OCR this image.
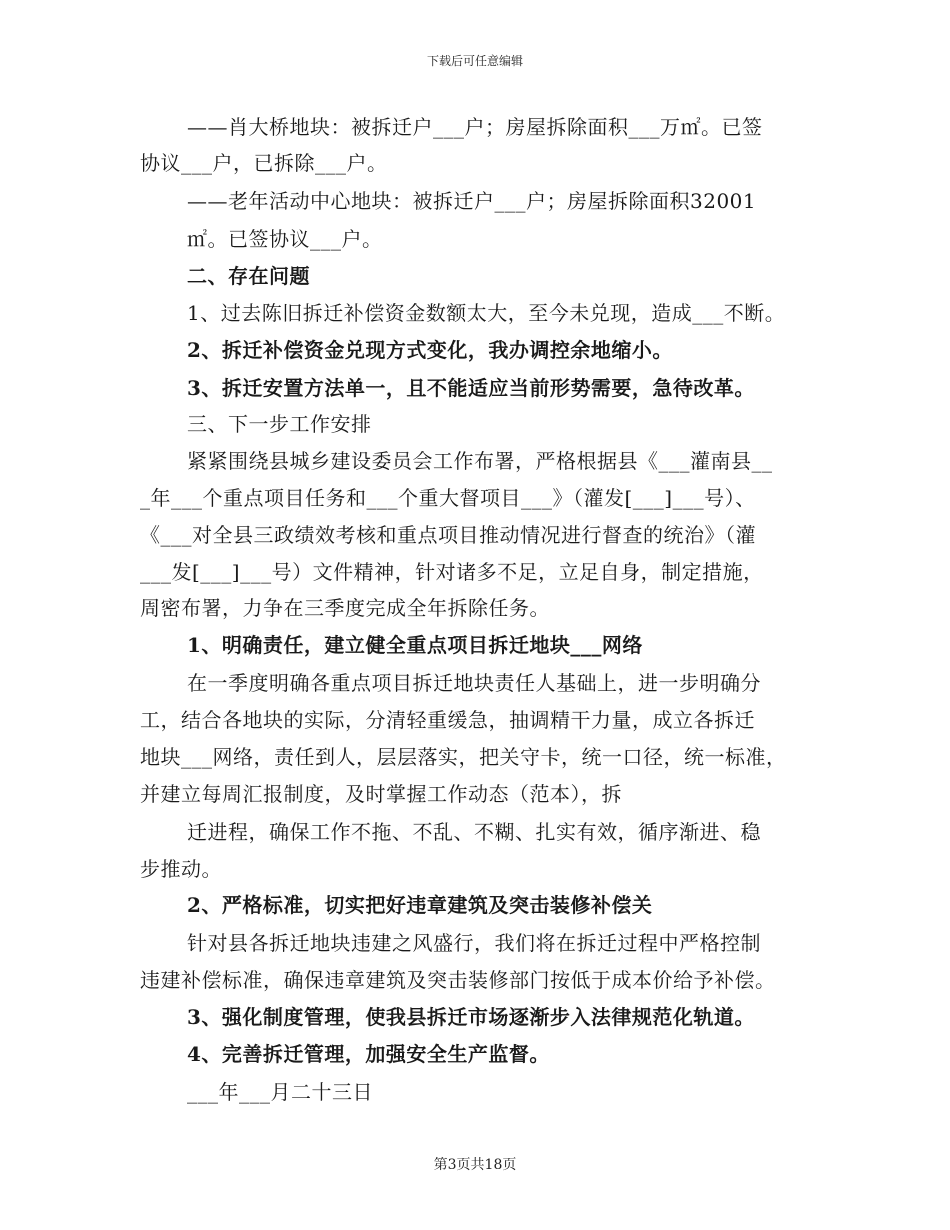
下载后可任意编辑
——肖大桥地块：被拆迁户___户；房屋拆除面积___万㎡。已签
协议___户，已拆除___户。
——老年活动中心地块：被拆迁户___户；房屋拆除面积32001
㎡。已签协议___户。
二、存在问题
1、过去陈旧拆迁补偿资金数额太大，至今未兑现，造成___不断。
2、拆迁补偿资金兑现方式变化，我办调控余地缩小。
3、拆迁安置方法单一，且不能适应当前形势需要，急待改革。
三、下一步工作安排
紧紧围绕县城乡建设委员会工作布署，严格根据县《___灌南县__
_年___个重点项目任务和___个重大督项目___》（灌发[___]___号）、
《___对全县三政绩效考核和重点项目推动情况进行督查的统治》（灌
___发[___]___号）文件精神，针对诸多不足，立足自身，制定措施，
周密布署，力争在三季度完成全年拆除任务。
1、明确责任，建立健全重点项目拆迁地块___网络
在一季度明确各重点项目拆迁地块责任人基础上，进一步明确分
工，结合各地块的实际，分清轻重缓急，抽调精干力量，成立各拆迁
地块___网络，责任到人，层层落实，把关守卡，统一口径，统一标准，
并建立每周汇报制度，及时掌握工作动态（范本），拆
迁进程，确保工作不拖、不乱、不糊、扎实有效，循序渐进、稳
步推动。
2、严格标准，切实把好违章建筑及突击装修补偿关
针对县各拆迁地块违建之风盛行，我们将在拆迁过程中严格控制
违建补偿标准，确保违章建筑及突击装修部门按低于成本价给予补偿。
3、强化制度管理，使我县拆迁市场逐渐步入法律规范化轨道。
4、完善拆迁管理，加强安全生产监督。
___年___月二十三日
第3页共18页
